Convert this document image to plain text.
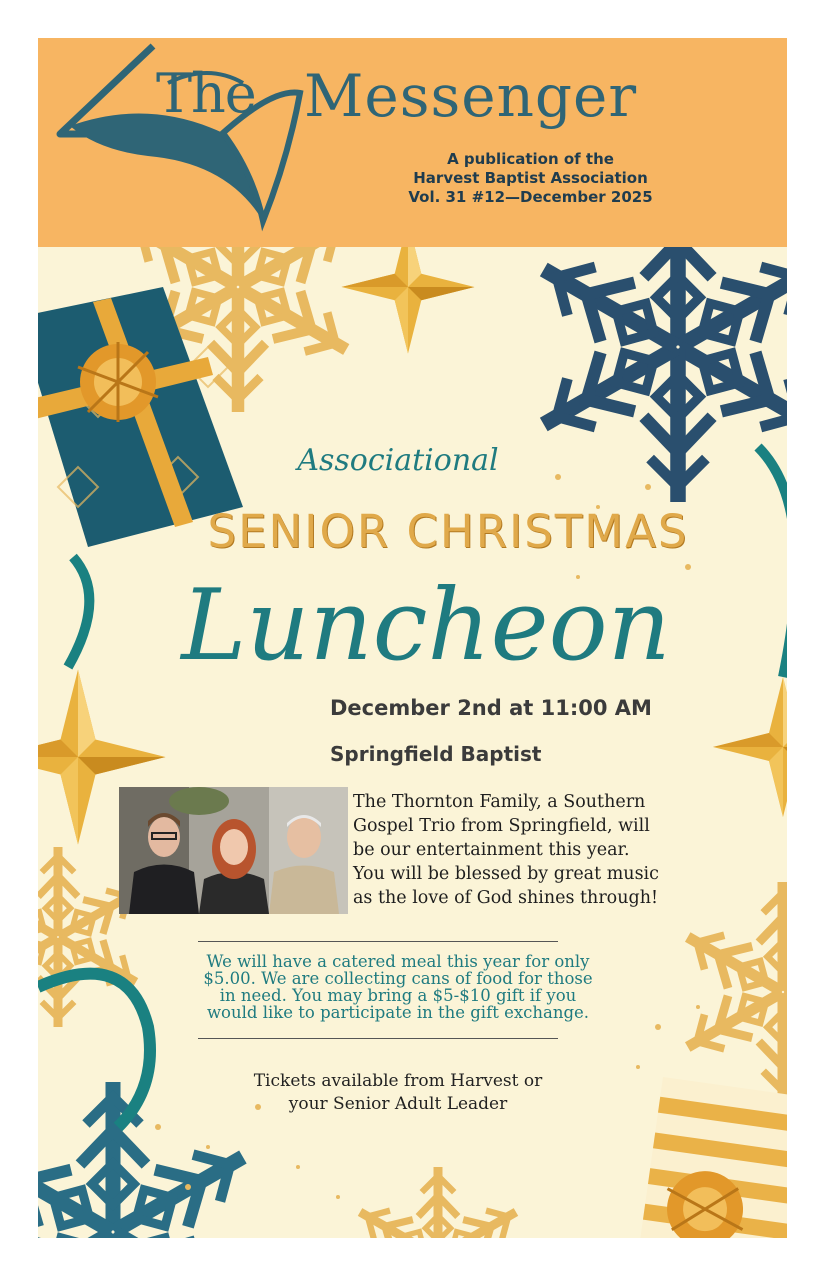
The Messenger
A publication of the
Harvest Baptist Association
Vol. 31 #12—December 2025
Associational
SENIOR CHRISTMAS
Luncheon
December 2nd at 11:00 AM
Springfield Baptist
The Thornton Family, a Southern
Gospel Trio from Springfield, will
be our entertainment this year.
You will be blessed by great music
as the love of God shines through!
We will have a catered meal this year for only
$5.00. We are collecting cans of food for those
in need. You may bring a $5-$10 gift if you
would like to participate in the gift exchange.
Tickets available from Harvest or
your Senior Adult Leader
